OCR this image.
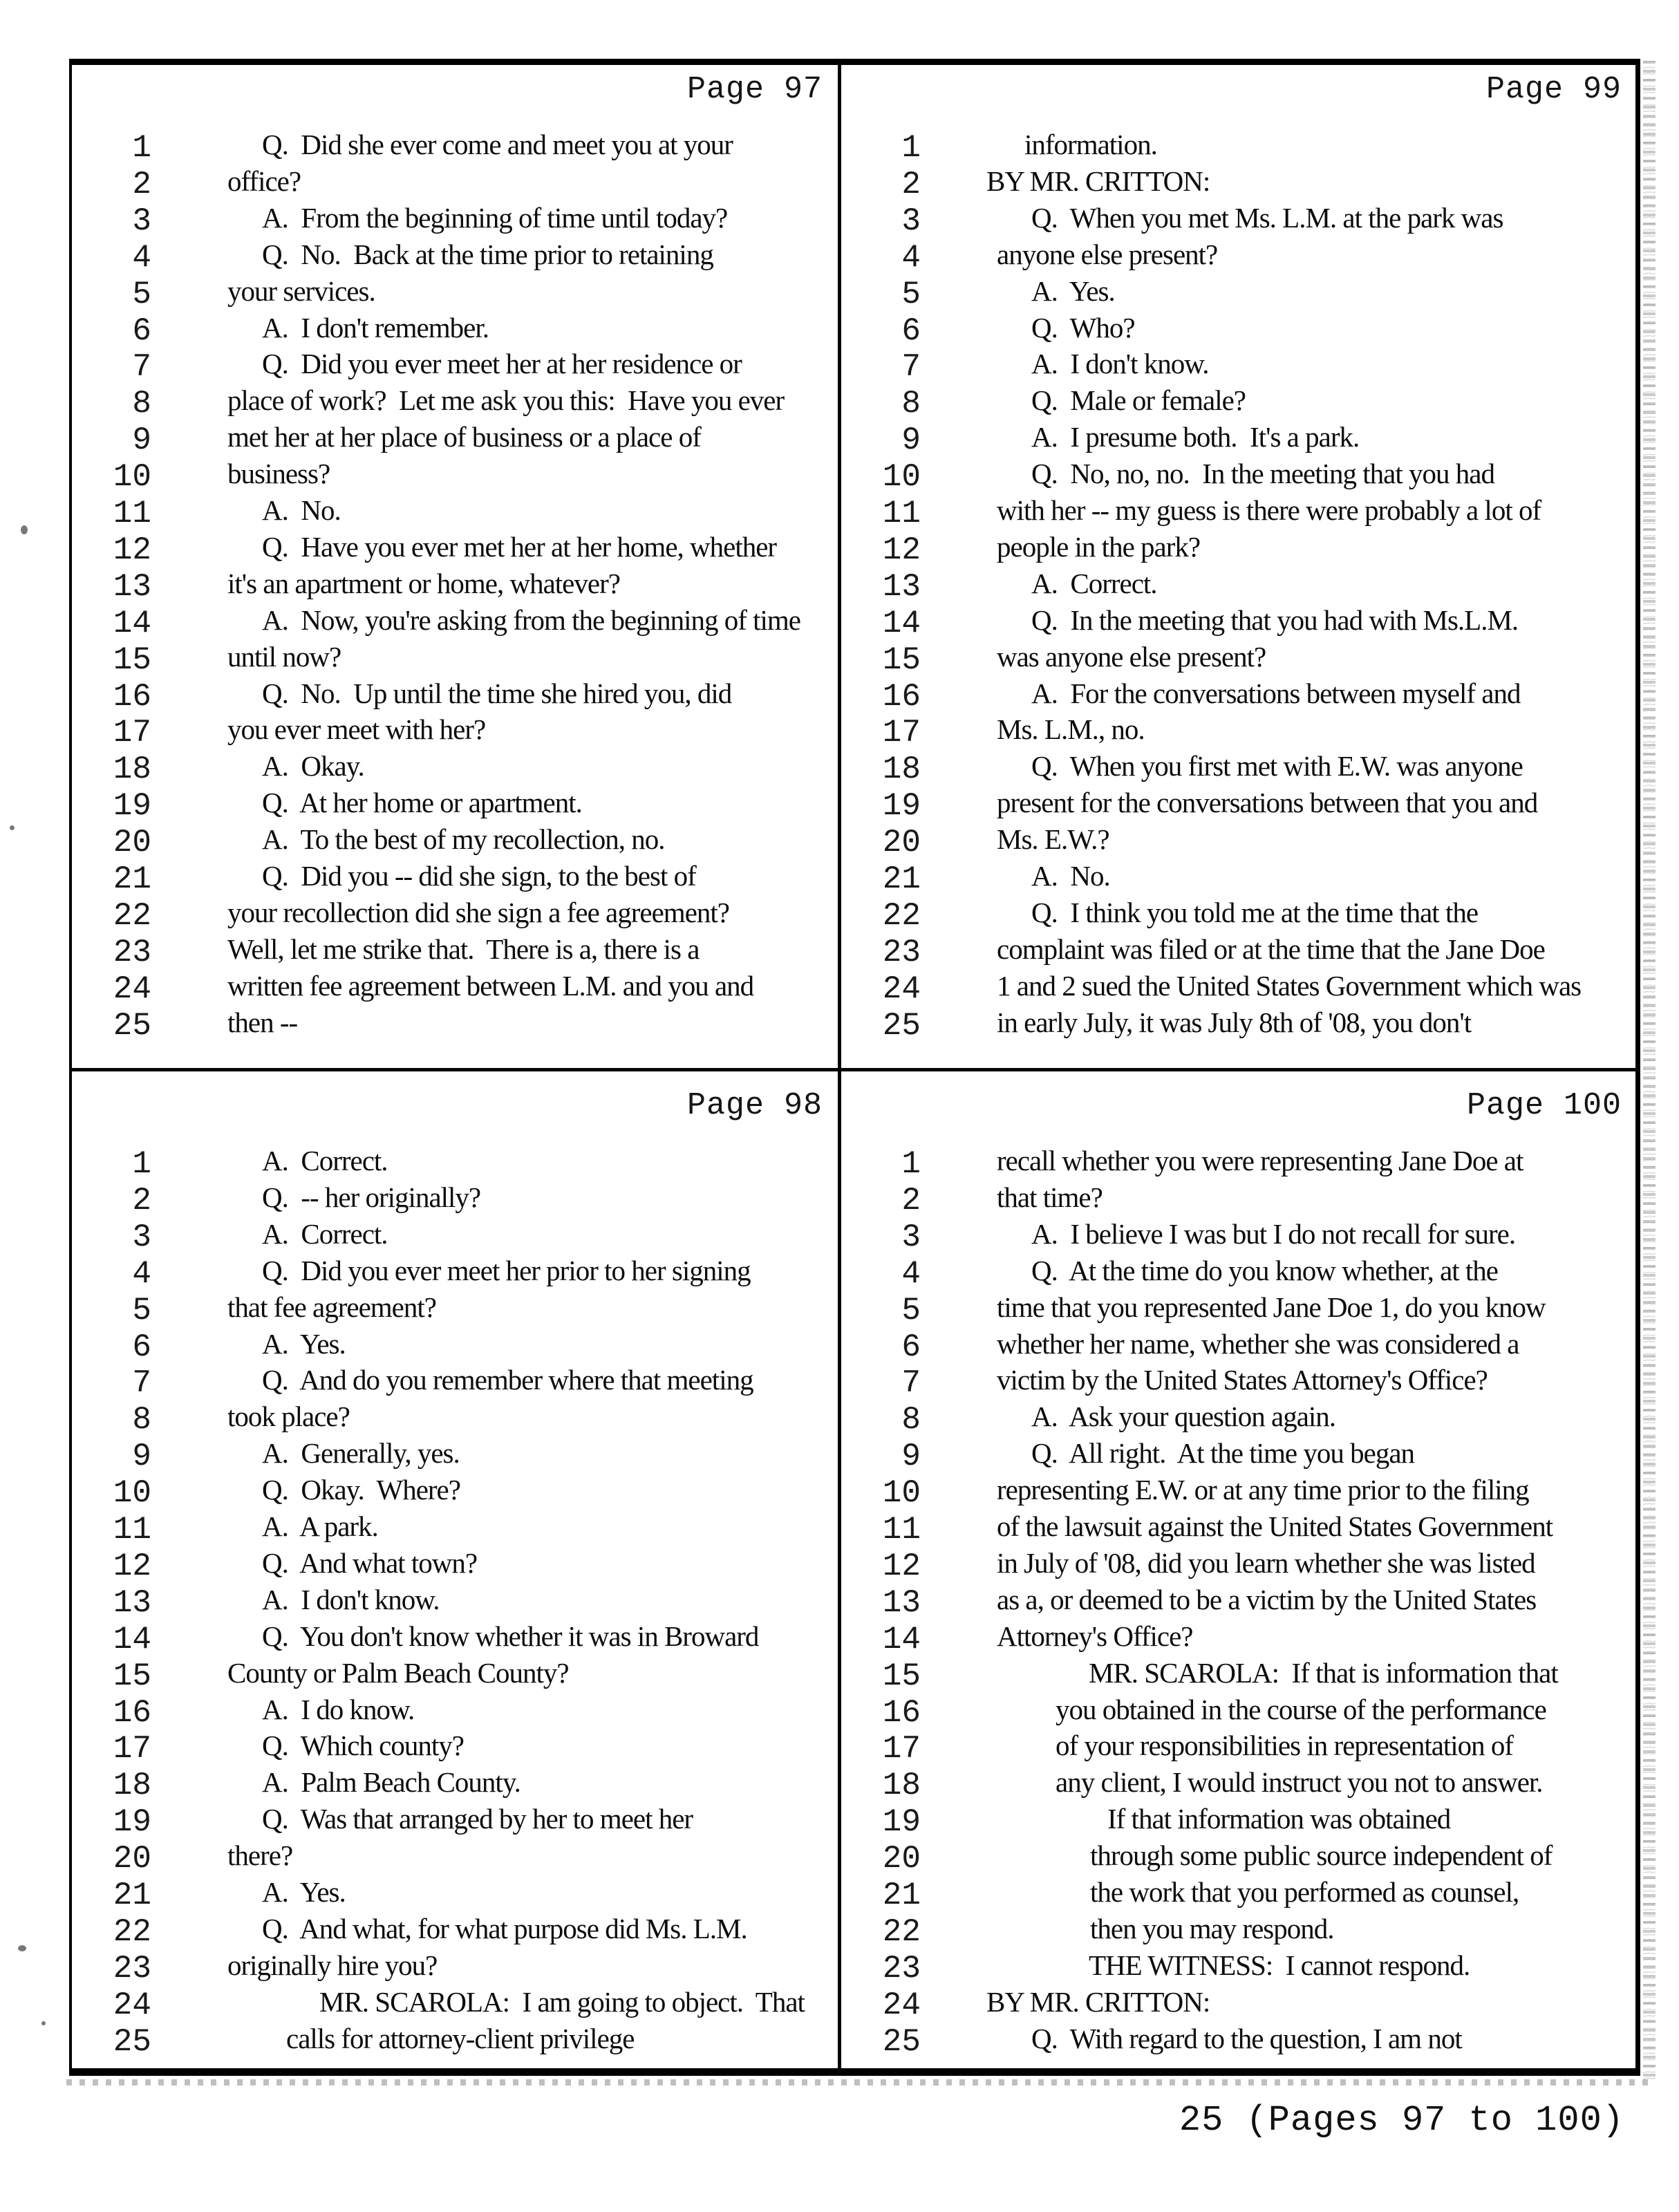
Page 97
1	Q.  Did she ever come and meet you at your
2	office?
3	A.  From the beginning of time until today?
4	Q.  No.  Back at the time prior to retaining
5	your services.
6	A.  I don't remember.
7	Q.  Did you ever meet her at her residence or
8	place of work?  Let me ask you this:  Have you ever
9	met her at her place of business or a place of
10	business?
11	A.  No.
12	Q.  Have you ever met her at her home, whether
13	it's an apartment or home, whatever?
14	A.  Now, you're asking from the beginning of time
15	until now?
16	Q.  No.  Up until the time she hired you, did
17	you ever meet with her?
18	A.  Okay.
19	Q.  At her home or apartment.
20	A.  To the best of my recollection, no.
21	Q.  Did you -- did she sign, to the best of
22	your recollection did she sign a fee agreement?
23	Well, let me strike that.  There is a, there is a
24	written fee agreement between L.M. and you and
25	then --
Page 99
1	information.
2 BY MR. CRITTON:
3	Q.  When you met Ms. L.M. at the park was
4	anyone else present?
5	A.  Yes.
6	Q.  Who?
7	A.  I don't know.
8	Q.  Male or female?
9	A.  I presume both.  It's a park.
10	Q.  No, no, no.  In the meeting that you had
11	with her -- my guess is there were probably a lot of
12	people in the park?
13	A.  Correct.
14	Q.  In the meeting that you had with Ms.L.M.
15	was anyone else present?
16	A.  For the conversations between myself and
17	Ms. L.M., no.
18	Q.  When you first met with E.W. was anyone
19	present for the conversations between that you and
20	Ms. E.W.?
21	A.  No.
22	Q.  I think you told me at the time that the
23	complaint was filed or at the time that the Jane Doe
24	1 and 2 sued the United States Government which was
25	in early July, it was July 8th of '08, you don't
Page 98
1	A.  Correct.
2	Q.  -- her originally?
3	A.  Correct.
4	Q.  Did you ever meet her prior to her signing
5	that fee agreement?
6	A.  Yes.
7	Q.  And do you remember where that meeting
8	took place?
9	A.  Generally, yes.
10	Q.  Okay.  Where?
11	A.  A park.
12	Q.  And what town?
13	A.  I don't know.
14	Q.  You don't know whether it was in Broward
15	County or Palm Beach County?
16	A.  I do know.
17	Q.  Which county?
18	A.  Palm Beach County.
19	Q.  Was that arranged by her to meet her
20	there?
21	A.  Yes.
22	Q.  And what, for what purpose did Ms. L.M.
23	originally hire you?
24	MR. SCAROLA:  I am going to object.  That
25	calls for attorney-client privilege
Page 100
1	recall whether you were representing Jane Doe at
2	that time?
3	A.  I believe I was but I do not recall for sure.
4	Q.  At the time do you know whether, at the
5	time that you represented Jane Doe 1, do you know
6	whether her name, whether she was considered a
7	victim by the United States Attorney's Office?
8	A.  Ask your question again.
9	Q.  All right.  At the time you began
10	representing E.W. or at any time prior to the filing
11	of the lawsuit against the United States Government
12	in July of '08, did you learn whether she was listed
13	as a, or deemed to be a victim by the United States
14	Attorney's Office?
15	MR. SCAROLA:  If that is information that
16	you obtained in the course of the performance
17	of your responsibilities in representation of
18	any client, I would instruct you not to answer.
19	If that information was obtained
20	through some public source independent of
21	the work that you performed as counsel,
22	then you may respond.
23	THE WITNESS:  I cannot respond.
24 BY MR. CRITTON:
25	Q.  With regard to the question, I am not
25 (Pages 97 to 100)
